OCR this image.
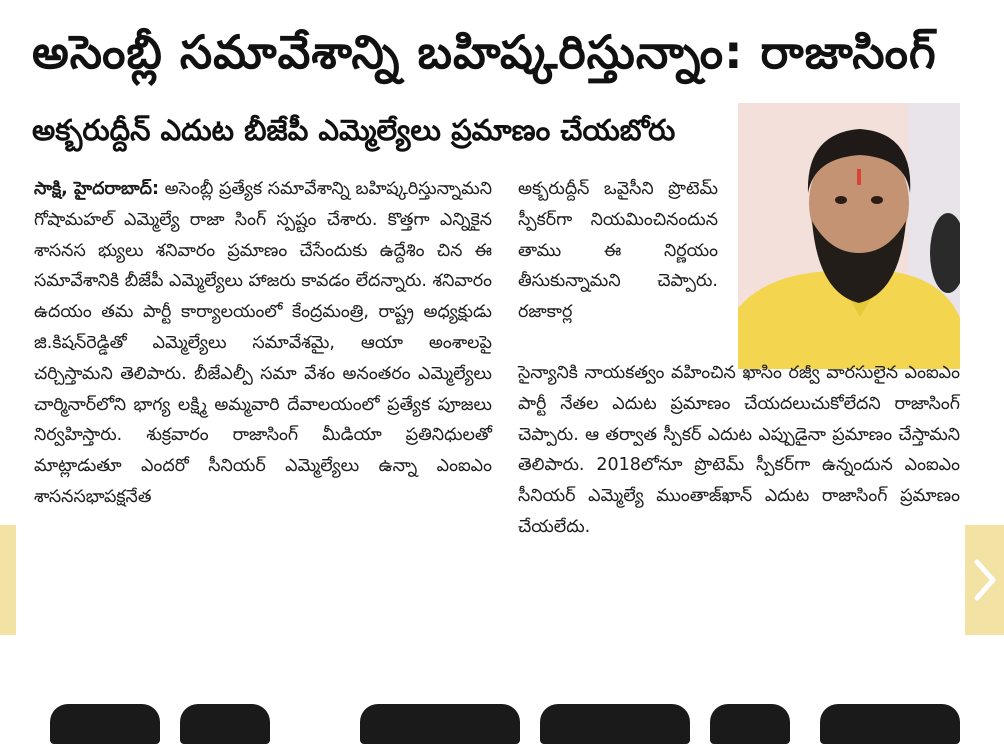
అసెంబ్లీ సమావేశాన్ని బహిష్కరిస్తున్నాం: రాజాసింగ్
అక్బరుద్దీన్ ఎదుట బీజేపీ ఎమ్మెల్యేలు ప్రమాణం చేయబోరు

సాక్షి, హైదరాబాద్: అసెంబ్లీ ప్రత్యేక సమావేశాన్ని బహిష్కరిస్తున్నామని గోషామహల్ ఎమ్మెల్యే రాజా సింగ్ స్పష్టం చేశారు. కొత్తగా ఎన్నికైన శాసనస భ్యులు శనివారం ప్రమాణం చేసేందుకు ఉద్దేశిం చిన ఈ సమావేశానికి బీజేపీ ఎమ్మెల్యేలు హాజరు కావడం లేదన్నారు. శనివారం ఉదయం తమ పార్టీ కార్యాలయంలో కేంద్రమంత్రి, రాష్ట్ర అధ్యక్షుడు జి.కిషన్‌రెడ్డితో ఎమ్మెల్యేలు సమావేశమై, ఆయా అంశాలపై చర్చిస్తామని తెలిపారు. బీజేఎల్పీ సమా వేశం అనంతరం ఎమ్మెల్యేలు చార్మినార్‌లోని భాగ్య లక్ష్మి అమ్మవారి దేవాలయంలో ప్రత్యేక పూజలు నిర్వహిస్తారు. శుక్రవారం రాజాసింగ్ మీడియా ప్రతినిధులతో మాట్లాడుతూ ఎందరో సీనియర్ ఎమ్మెల్యేలు ఉన్నా ఎంఐఎం శాసనసభాపక్షనేత

అక్బరుద్దీన్ ఒవైసీని ప్రొటెమ్ స్పీకర్‌గా నియమించినందున తాము ఈ నిర్ణయం తీసుకున్నామని చెప్పారు. రజాకార్ల

సైన్యానికి నాయకత్వం వహించిన ఖాసిం రజ్వీ వారసులైన ఎంఐఎం పార్టీ నేతల ఎదుట ప్రమాణం చేయదలుచుకోలేదని రాజాసింగ్ చెప్పారు. ఆ తర్వాత స్పీకర్ ఎదుట ఎప్పుడైనా ప్రమాణం చేస్తామని తెలిపారు. 2018లోనూ ప్రొటెమ్ స్పీకర్‌గా ఉన్నందున ఎంఐఎం సీనియర్ ఎమ్మెల్యే ముంతాజ్‌ఖాన్ ఎదుట రాజాసింగ్ ప్రమాణం చేయలేదు.
